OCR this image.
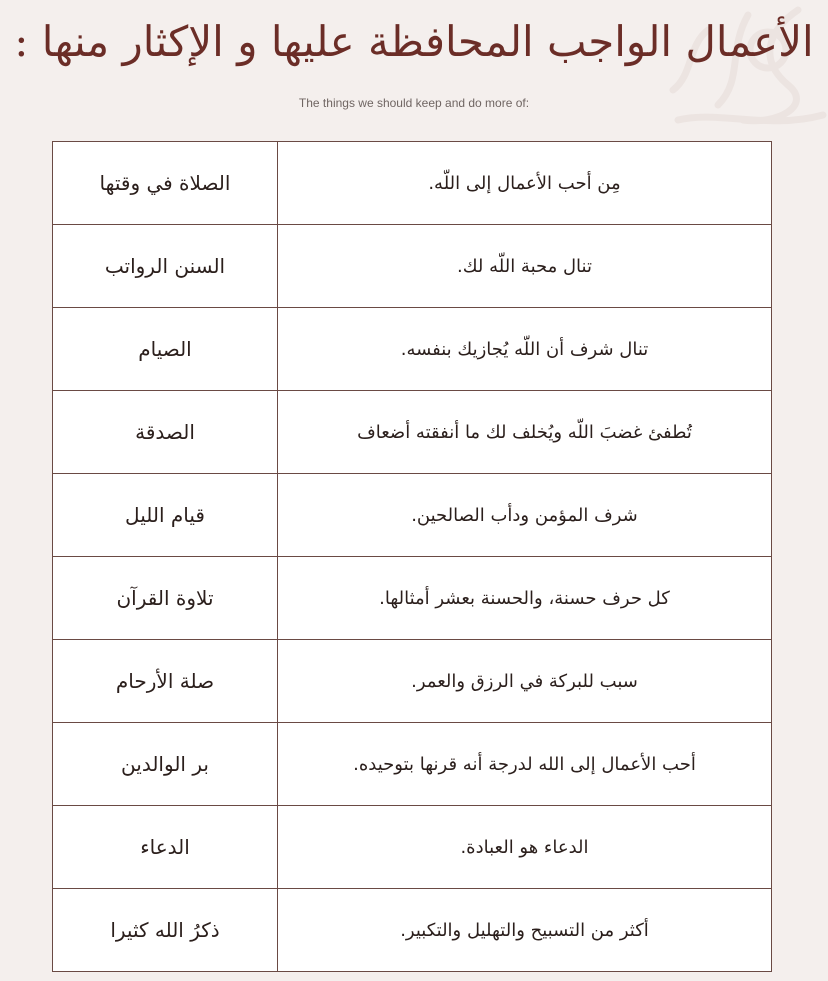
الأعمال الواجب المحافظة عليها و الإكثار منها :
The things we should keep and do more of:
الصلاة في وقتها	مِن أحب الأعمال إلى اللّه.
السنن الرواتب	تنال محبة اللّه لك.
الصيام	تنال شرف أن اللّه يُجازيك بنفسه.
الصدقة	تُطفئ غضبَ اللّه ويُخلف لك ما أنفقته أضعاف
قيام الليل	شرف المؤمن ودأب الصالحين.
تلاوة القرآن	كل حرف حسنة، والحسنة بعشر أمثالها.
صلة الأرحام	سبب للبركة في الرزق والعمر.
بر الوالدين	أحب الأعمال إلى الله لدرجة أنه قرنها بتوحيده.
الدعاء	الدعاء هو العبادة.
ذكرُ الله كثيرا	أكثر من التسبيح والتهليل والتكبير.
